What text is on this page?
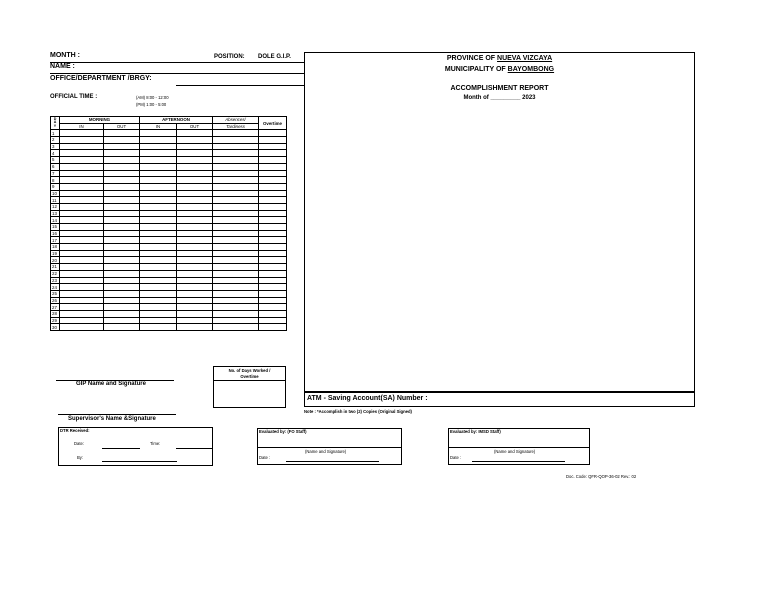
MONTH :	POSITION: DOLE G.I.P.
NAME :
OFFICE/DEPARTMENT /BRGY:
OFFICIAL TIME :	(AM) 8:00 - 12:00
(PM) 1:00 - 5:00
D
A
Y	MORNING		AFTERNOON		Absences/	Overtime
	IN	OUT	IN	OUT	Tardiness	
1						
2						
3						
4						
5						
6						
7						
8						
9						
10						
11						
12						
13						
14						
15						
16						
17						
18						
19						
20						
21						
22						
23						
24						
25						
26						
27						
28						
29						
30						
PROVINCE OF NUEVA VIZCAYA
MUNICIPALITY OF BAYOMBONG
ACCOMPLISHMENT REPORT
Month of _________ 2023
ATM - Saving Account(SA) Number :
Note : *Accomplish in two (2) Copies (Original Signed)
No. of Days Worked /
Overtime
GIP Name and Signature
Supervisor's Name &Signature
DTR Received:
Date:	Time:
By:
Evaluated by: (FO Staff)
(Name and Signature)
Date :
Evaluated by: IMSD Staff)
(Name and Signature)
Date :
Doc. Code: QFR-QOP-36-02 Rev.: 02
